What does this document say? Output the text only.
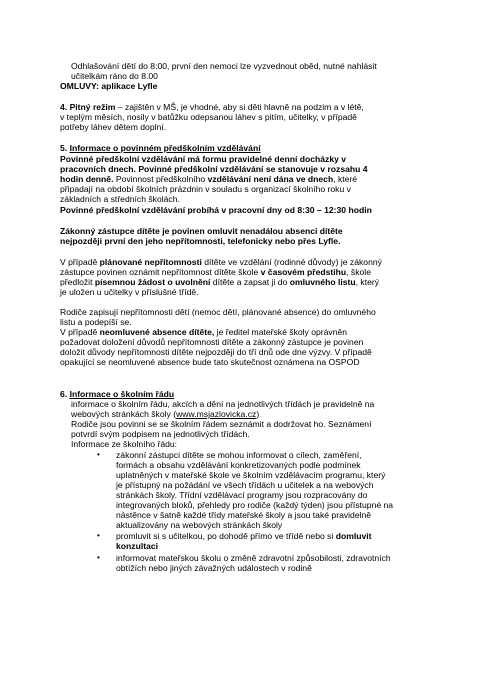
Odhlašování dětí do 8:00, první den nemoci lze vyzvednout oběd, nutné nahlásit
učitelkám ráno do 8.00
OMLUVY: aplikace Lyfle
4. Pitný režim – zajištěn v MŠ, je vhodné, aby si děti hlavně na podzim a v létě,
v teplým měsích, nosily v batůžku odepsanou láhev s pitím, učitelky, v případě
potřeby láhev dětem doplní.
5. Informace o povinném předškolním vzdělávání
Povinné předškolní vzdělávání má formu pravidelné denní docházky v
pracovních dnech. Povinné předškolní vzdělávání se stanovuje v rozsahu 4
hodin denně. Povinnost předškolního vzdělávání není dána ve dnech, které
připadají na období školních prázdnin v souladu s organizací školního roku v
základních a středních školách.
Povinné předškolní vzdělávání probíhá v pracovní dny od 8:30 – 12:30 hodin
Zákonný zástupce dítěte je povinen omluvit nenadálou absenci dítěte
nejpozději první den jeho nepřítomnosti, telefonicky nebo přes Lyfle.
V případě plánované nepřítomnosti dítěte ve vzdělání (rodinné důvody) je zákonný
zástupce povinen oznámit nepřítomnost dítěte škole v časovém předstihu, škole
předložit písemnou žádost o uvolnění dítěte a zapsat ji do omluvného listu, který
je uložen u učitelky v příslušné třídě.
Rodiče zapisují nepřítomnosti dětí (nemoc dětí, plánované absence) do omluvného
listu a podepíší se.
V případě neomluvené absence dítěte, je ředitel mateřské školy oprávněn
požadovat doložení důvodů nepřítomnosti dítěte a zákonný zástupce je povinen
doložit důvody nepřítomnosti dítěte nejpozději do tří dnů ode dne výzvy. V případě
opakující se neomluvené absence bude tato skutečnost oznámena na OSPOD
6. Informace o školním řádu
informace o školním řádu, akcích a dění na jednotlivých třídách je pravidelně na
webových stránkách školy (www.msjazlovicka.cz)
Rodiče jsou povinni se se školním řádem seznámit a dodržovat ho. Seznámení
potvrdí svým podpisem na jednotlivých třídách.
Informace ze školního řádu:
• zákonní zástupci dítěte se mohou informovat o cílech, zaměření,
formách a obsahu vzdělávání konkretizovaných podle podmínek
uplatněných v mateřské škole ve školním vzdělávacím programu, který
je přístupný na požádání ve všech třídách u učitelek a na webových
stránkách školy. Třídní vzdělávací programy jsou rozpracovány do
integrovaných bloků, přehledy pro rodiče (každý týden) jsou přístupné na
nástěnce v šatně každé třídy mateřské školy a jsou také pravidelně
aktualizovány na webových stránkách školy
• promluvit si s učitelkou, po dohodě přímo ve třídě nebo si domluvit
konzultaci
• informovat mateřskou školu o změně zdravotní způsobilosti, zdravotních
obtížích nebo jiných závažných událostech v rodině
